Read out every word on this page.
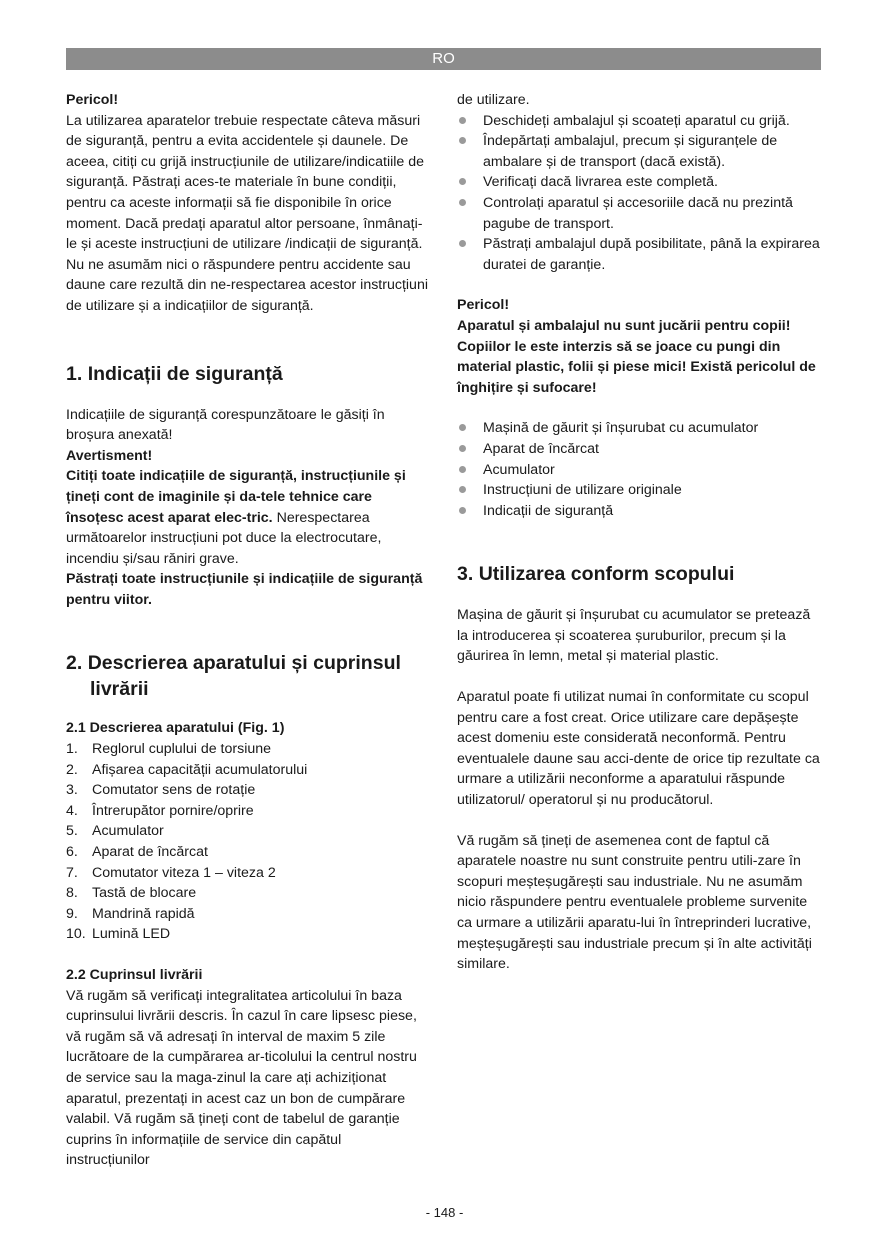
RO

Pericol!

La utilizarea aparatelor trebuie respectate câteva măsuri de siguranță, pentru a evita accidentele și daunele. De aceea, citiți cu grijă instrucțiunile de utilizare/indicatiile de siguranță. Păstrați aces-te materiale în bune condiții, pentru ca aceste informații să fie disponibile în orice moment. Dacă predați aparatul altor persoane, înmânați-le și aceste instrucțiuni de utilizare /indicații de siguranță. Nu ne asumăm nici o răspundere pentru accidente sau daune care rezultă din ne-respectarea acestor instrucțiuni de utilizare și a indicațiilor de siguranță.

1. Indicații de siguranță

Indicațiile de siguranță corespunzătoare le găsiți în broșura anexată!

Avertisment!

Citiți toate indicațiile de siguranță, instrucțiunile și țineți cont de imaginile și da-tele tehnice care însoțesc acest aparat elec-tric. Nerespectarea următoarelor instrucțiuni pot duce la electrocutare, incendiu și/sau răniri grave.

Păstrați toate instrucțiunile și indicațiile de siguranță pentru viitor.

2. Descrierea aparatului și cuprinsul
livrării

2.1 Descrierea aparatului (Fig. 1)

1. Reglorul cuplului de torsiune
2. Afișarea capacității acumulatorului
3. Comutator sens de rotație
4. Întrerupător pornire/oprire
5. Acumulator
6. Aparat de încărcat
7. Comutator viteza 1 – viteza 2
8. Tastă de blocare
9. Mandrină rapidă
10. Lumină LED

2.2 Cuprinsul livrării

Vă rugăm să verificați integralitatea articolului în baza cuprinsului livrării descris. În cazul în care lipsesc piese, vă rugăm să vă adresați în interval de maxim 5 zile lucrătoare de la cumpărarea ar-ticolului la centrul nostru de service sau la maga-zinul la care ați achiziționat aparatul, prezentați in acest caz un bon de cumpărare valabil. Vă rugăm să țineți cont de tabelul de garanție cuprins în informațiile de service din capătul instrucțiunilor

de utilizare.

Deschideți ambalajul și scoateți aparatul cu grijă.
Îndepărtați ambalajul, precum și siguranțele de ambalare și de transport (dacă există).
Verificați dacă livrarea este completă.
Controlați aparatul și accesoriile dacă nu prezintă pagube de transport.
Păstrați ambalajul după posibilitate, până la expirarea duratei de garanție.

Pericol!

Aparatul și ambalajul nu sunt jucării pentru copii! Copiilor le este interzis să se joace cu pungi din material plastic, folii și piese mici! Există pericolul de înghițire și sufocare!

Mașină de găurit și înșurubat cu acumulator
Aparat de încărcat
Acumulator
Instrucțiuni de utilizare originale
Indicații de siguranță
3. Utilizarea conform scopului

Mașina de găurit și înșurubat cu acumulator se pretează la introducerea și scoaterea șuruburilor, precum și la găurirea în lemn, metal și material plastic.

Aparatul poate fi utilizat numai în conformitate cu scopul pentru care a fost creat. Orice utilizare care depășește acest domeniu este considerată neconformă. Pentru eventualele daune sau acci-dente de orice tip rezultate ca urmare a utilizării neconforme a aparatului răspunde utilizatorul/ operatorul și nu producătorul.

Vă rugăm să țineți de asemenea cont de faptul că aparatele noastre nu sunt construite pentru utili-zare în scopuri meșteșugărești sau industriale. Nu ne asumăm nicio răspundere pentru eventualele probleme survenite ca urmare a utilizării aparatu-lui în întreprinderi lucrative, meșteșugărești sau industriale precum și în alte activități similare.

- 148 -
